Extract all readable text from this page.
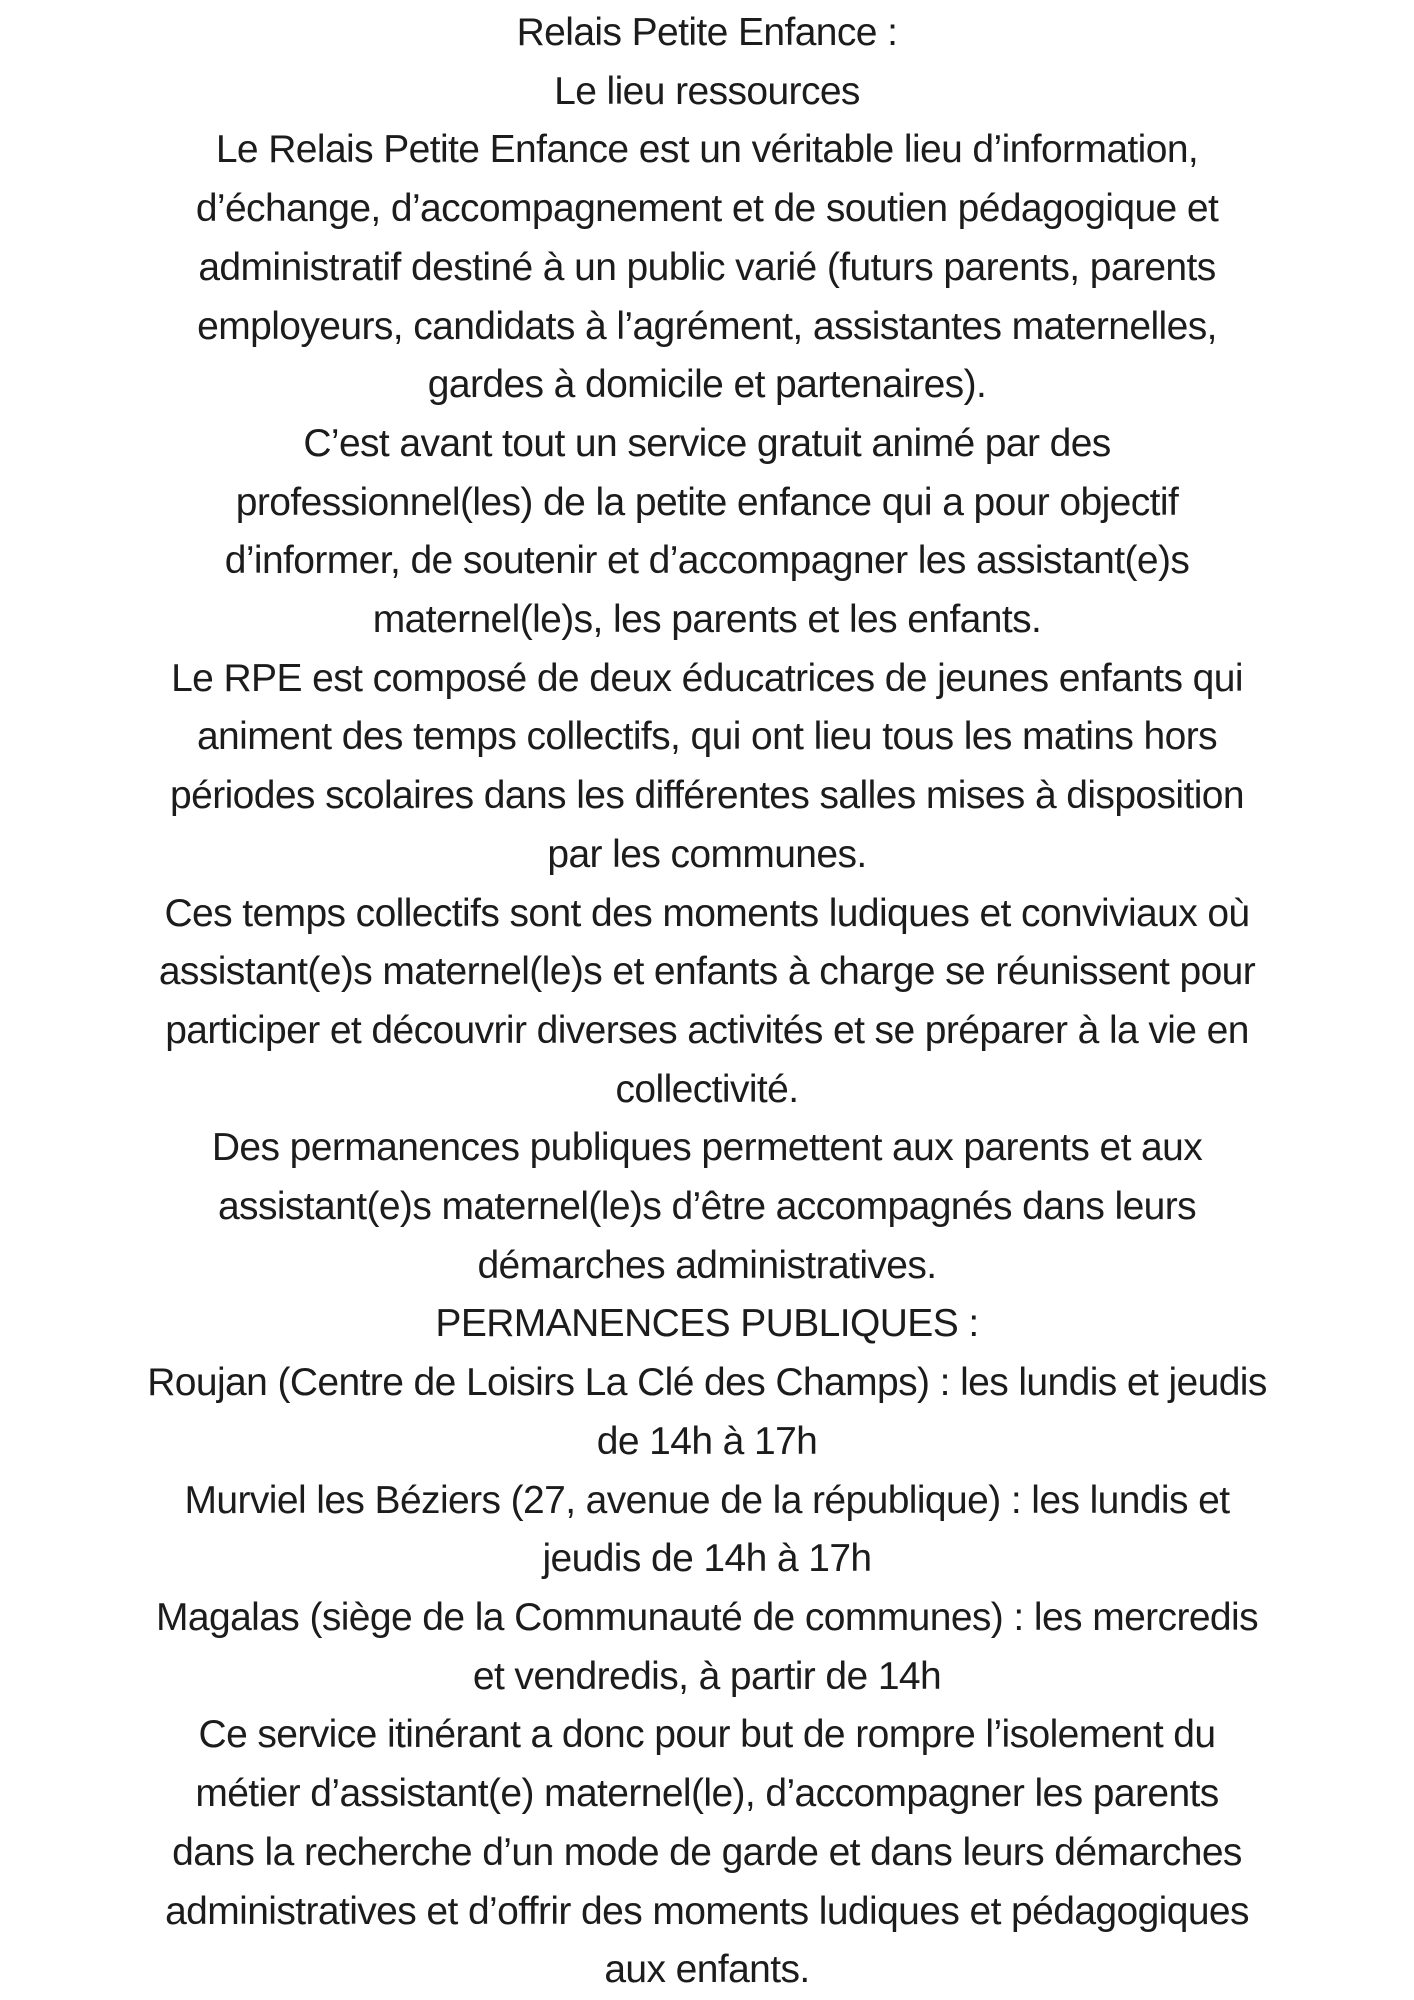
Relais Petite Enfance :

Le lieu ressources

Le Relais Petite Enfance est un véritable lieu d’information,

d’échange, d’accompagnement et de soutien pédagogique et

administratif destiné à un public varié (futurs parents, parents

employeurs, candidats à l’agrément, assistantes maternelles,

gardes à domicile et partenaires).

C’est avant tout un service gratuit animé par des

professionnel(les) de la petite enfance qui a pour objectif

d’informer, de soutenir et d’accompagner les assistant(e)s

maternel(le)s, les parents et les enfants.

Le RPE est composé de deux éducatrices de jeunes enfants qui

animent des temps collectifs, qui ont lieu tous les matins hors

périodes scolaires dans les différentes salles mises à disposition

par les communes.

Ces temps collectifs sont des moments ludiques et conviviaux où

assistant(e)s maternel(le)s et enfants à charge se réunissent pour

participer et découvrir diverses activités et se préparer à la vie en

collectivité.

Des permanences publiques permettent aux parents et aux

assistant(e)s maternel(le)s d’être accompagnés dans leurs

démarches administratives.

PERMANENCES PUBLIQUES :

Roujan (Centre de Loisirs La Clé des Champs) : les lundis et jeudis

de 14h à 17h

Murviel les Béziers (27, avenue de la république) : les lundis et

jeudis de 14h à 17h

Magalas (siège de la Communauté de communes) : les mercredis

et vendredis, à partir de 14h

Ce service itinérant a donc pour but de rompre l’isolement du

métier d’assistant(e) maternel(le), d’accompagner les parents

dans la recherche d’un mode de garde et dans leurs démarches

administratives et d’offrir des moments ludiques et pédagogiques

aux enfants.
